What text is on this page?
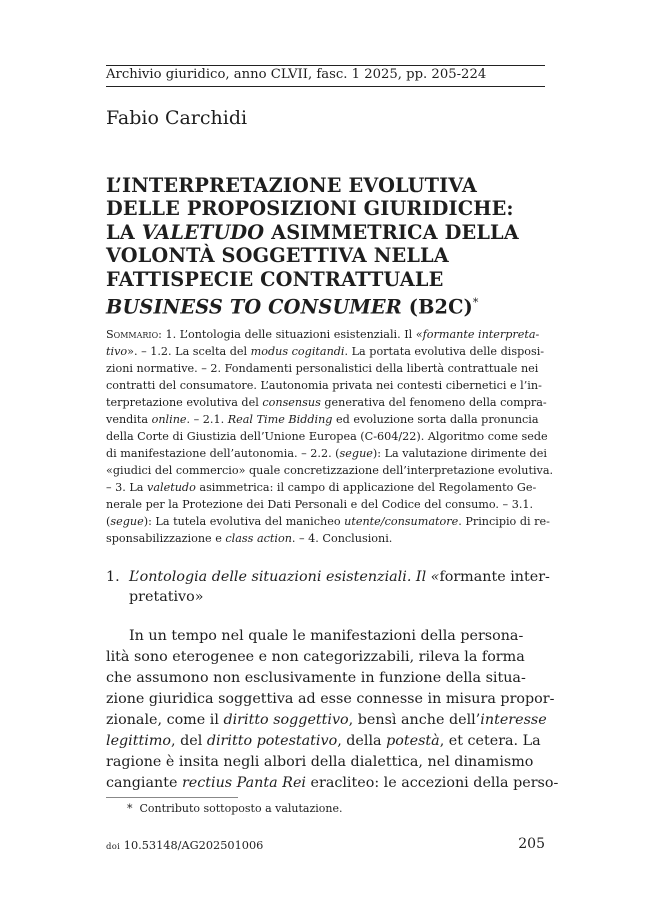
Archivio giuridico, anno CLVII, fasc. 1 2025, pp. 205-224
Fabio Carchidi
L’INTERPRETAZIONE EVOLUTIVA
DELLE PROPOSIZIONI GIURIDICHE:
LA VALETUDO ASIMMETRICA DELLA
VOLONTÀ SOGGETTIVA NELLA
FATTISPECIE CONTRATTUALE
BUSINESS TO CONSUMER (B2C)*
Sommario: 1. L’ontologia delle situazioni esistenziali. Il «formante interpreta-
tivo». – 1.2. La scelta del modus cogitandi. La portata evolutiva delle disposi-
zioni normative. – 2. Fondamenti personalistici della libertà contrattuale nei
contratti del consumatore. L’autonomia privata nei contesti cibernetici e l’in-
terpretazione evolutiva del consensus generativa del fenomeno della compra-
vendita online. – 2.1. Real Time Bidding ed evoluzione sorta dalla pronuncia
della Corte di Giustizia dell’Unione Europea (C-604/22). Algoritmo come sede
di manifestazione dell’autonomia. – 2.2. (segue): La valutazione dirimente dei
«giudici del commercio» quale concretizzazione dell’interpretazione evolutiva.
– 3. La valetudo asimmetrica: il campo di applicazione del Regolamento Ge-
nerale per la Protezione dei Dati Personali e del Codice del consumo. – 3.1.
(segue): La tutela evolutiva del manicheo utente/consumatore. Principio di re-
sponsabilizzazione e class action. – 4. Conclusioni.
1. L’ontologia delle situazioni esistenziali. Il «formante inter-
pretativo»
In un tempo nel quale le manifestazioni della persona-
lità sono eterogenee e non categorizzabili, rileva la forma
che assumono non esclusivamente in funzione della situa-
zione giuridica soggettiva ad esse connesse in misura propor-
zionale, come il diritto soggettivo, bensì anche dell’interesse
legittimo, del diritto potestativo, della potestà, et cetera. La
ragione è insita negli albori della dialettica, nel dinamismo
cangiante rectius Panta Rei eracliteo: le accezioni della perso-
* Contributo sottoposto a valutazione.
doi 10.53148/AG202501006	205
